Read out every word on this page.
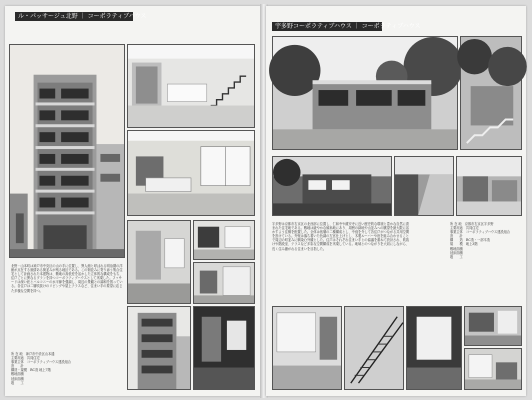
ル・パッサージュ北野 ｜ コーポラティブハウス
北野・山本町は神戸市中央区の山の手に位置し、異人館と呼ばれる明治期の洋館が点在する風情ある街並みが残る地区である。この街並みに寄り添う集合住宅として計画された本建物は、敷地の高低差を活かした立体的な構成をもち、住戸ごとに異なるプランを持つコーポラティブハウスとして実現した。ファサードは深い庇とバルコニーの水平線を強調し、周辺の景観との調和を図っている。各住戸は二層吹抜けのリビングや屋上テラスなど、住まい手の要望に応じた多様な空間を持つ。
所 在 地　神戸市中央区山本通
主要用途　共同住宅
事業主体　コーポラティブハウス建設組合
設　　計　
構造・規模　RC造 地上7階
敷地面積　
延床面積　
竣　　工　
宇多野コーポラティブハウス ｜ コーポラティブハウス
宇多野は京都市右京区の北西部に位置し、仁和寺や龍安寺に近い歴史的な環境と豊かな自然に恵まれた住宅地である。敷地は緩やかな傾斜地にあり、周囲の緑地や山並みへの眺望を最大限に活かすよう住棟を配置した。全体は低層の二棟構成とし、中庭を介して各住戸がつながる共用空間を設けている。外壁は落ち着いた色調の左官仕上げとし、木製ルーバーや庇を組み合わせることで周辺の町並みに馴染む外観とした。住戸はそれぞれ住まい手との協議を重ねて設計され、吹抜けや階段室、テラスなど多彩な空間構成を実現している。地域とのつながりを大切にしながら、長く住み継がれる住まいを目指した。
所 在 地　京都市右京区宇多野
主要用途　共同住宅
事業主体　コーポラティブハウス建設組合
設　　計　
構　　造　RC造・一部木造
規　　模　地上3階
敷地面積　
延床面積　
竣　　工　
